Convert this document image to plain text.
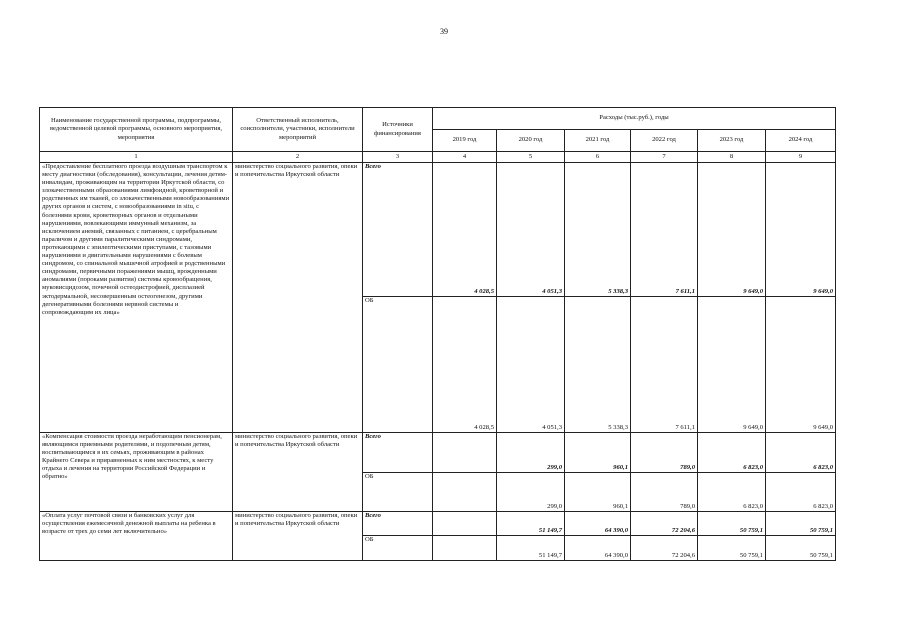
39
Наименование государственной программы, подпрограммы, ведомственной целевой программы, основного мероприятия, мероприятия	Ответственный исполнитель, соисполнители, участники, исполнители мероприятий	Источники финансирования	Расходы (тыс.руб.), годы					
			2019 год	2020 год	2021 год	2022 год	2023 год	2024 год
1	2	3	4	5	6	7	8	9
«Предоставление бесплатного проезда воздушным транспортом к месту диагностики (обследования), консультации, лечения детям-инвалидам, проживающим на территории Иркутской области, со злокачественными образованиями лимфоидной, кроветворной и родственных им тканей, со злокачественными новообразованиями других органов и систем, с новообразованиями in situ, с болезнями крови, кроветворных органов и отдельными нарушениями, вовлекающими иммунный механизм, за исключением анемий, связанных с питанием, с церебральным параличом и другими паралитическими синдромами, протекающими с эпилептическими приступами, с тазовыми нарушениями и двигательными нарушениями с болевым синдромом, со спинальной мышечной атрофией и родственными синдромами, первичными поражениями мышц, врожденными аномалиями (пороками развития) системы кровообращения, муковисцидозом, почечной остеодистрофией, дисплазией эктодермальной, несовершенным остеогенезом, другими дегенеративными болезнями нервной системы и сопровождающим их лица»	министерство социального развития, опеки и попечительства Иркутской области	Всего	4 028,5	4 051,3	5 338,3	7 611,1	9 649,0	9 649,0
		ОБ	4 028,5	4 051,3	5 338,3	7 611,1	9 649,0	9 649,0
«Компенсация стоимости проезда неработающим пенсионерам, являющимся приемными родителями, и подопечным детям, воспитывающимся в их семьях, проживающим в районах Крайнего Севера и приравненных к ним местностях, к месту отдыха и лечения на территории Российской Федерации и обратно»	министерство социального развития, опеки и попечительства Иркутской области	Всего		299,0	960,1	789,0	6 823,0	6 823,0
		ОБ		299,0	960,1	789,0	6 823,0	6 823,0
«Оплата услуг почтовой связи и банковских услуг для осуществления ежемесячной денежной выплаты на ребенка в возрасте от трех до семи лет включительно»	министерство социального развития, опеки и попечительства Иркутской области	Всего		51 149,7	64 390,0	72 204,6	50 759,1	50 759,1
		ОБ		51 149,7	64 390,0	72 204,6	50 759,1	50 759,1
